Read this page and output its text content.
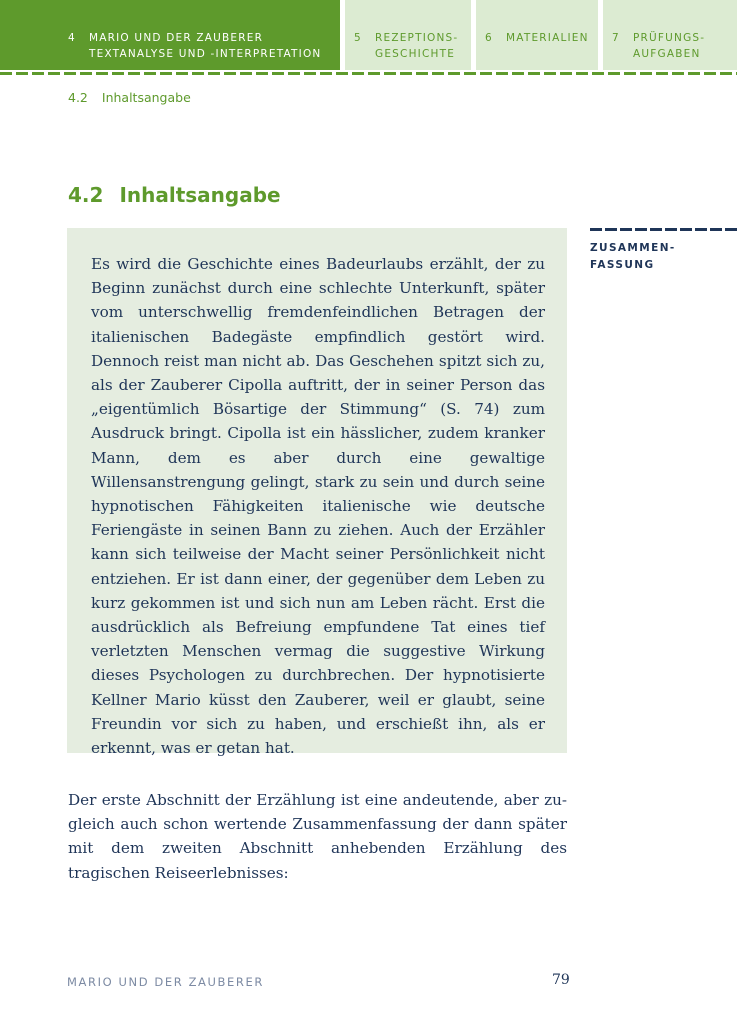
4 MARIO UND DER ZAUBERER
TEXTANALYSE UND -INTERPRETATION
5 REZEPTIONS-
GESCHICHTE
6 MATERIALIEN 7 PRÜFUNGS-
AUFGABEN
4.2 Inhaltsangabe
4.2 Inhaltsangabe
Es wird die Geschichte eines Badeurlaubs erzählt, der zu Beginn zunächst durch eine schlechte Unterkunft, später vom unterschwellig fremdenfeindlichen Betragen der italienischen Badegäste empfindlich gestört wird. Dennoch reist man nicht ab. Das Geschehen spitzt sich zu, als der Zauberer Cipolla auftritt, der in seiner Person das „eigentümlich Bösartige der Stimmung“ (S. 74) zum Ausdruck bringt. Cipolla ist ein hässlicher, zudem kranker Mann, dem es aber durch eine gewaltige Willensanstrengung gelingt, stark zu sein und durch seine hypnotischen Fähigkeiten italienische wie deutsche Feriengäste in seinen Bann zu ziehen. Auch der Erzähler kann sich teilweise der Macht seiner Persönlichkeit nicht entziehen. Er ist dann einer, der gegenüber dem Leben zu kurz gekommen ist und sich nun am Leben rächt. Erst die ausdrücklich als Befreiung empfundene Tat eines tief verletzten Menschen vermag die suggestive Wirkung dieses Psychologen zu durchbrechen. Der hypnotisierte Kellner Mario küsst den Zauberer, weil er glaubt, seine Freundin vor sich zu haben, und erschießt ihn, als er erkennt, was er getan hat.
ZUSAMMEN-
FASSUNG
Der erste Abschnitt der Erzählung ist eine andeutende, aber zugleich auch schon wertende Zusammenfassung der dann später mit dem zweiten Abschnitt anhebenden Erzählung des tragischen Reiseerlebnisses:
MARIO UND DER ZAUBERER	79
